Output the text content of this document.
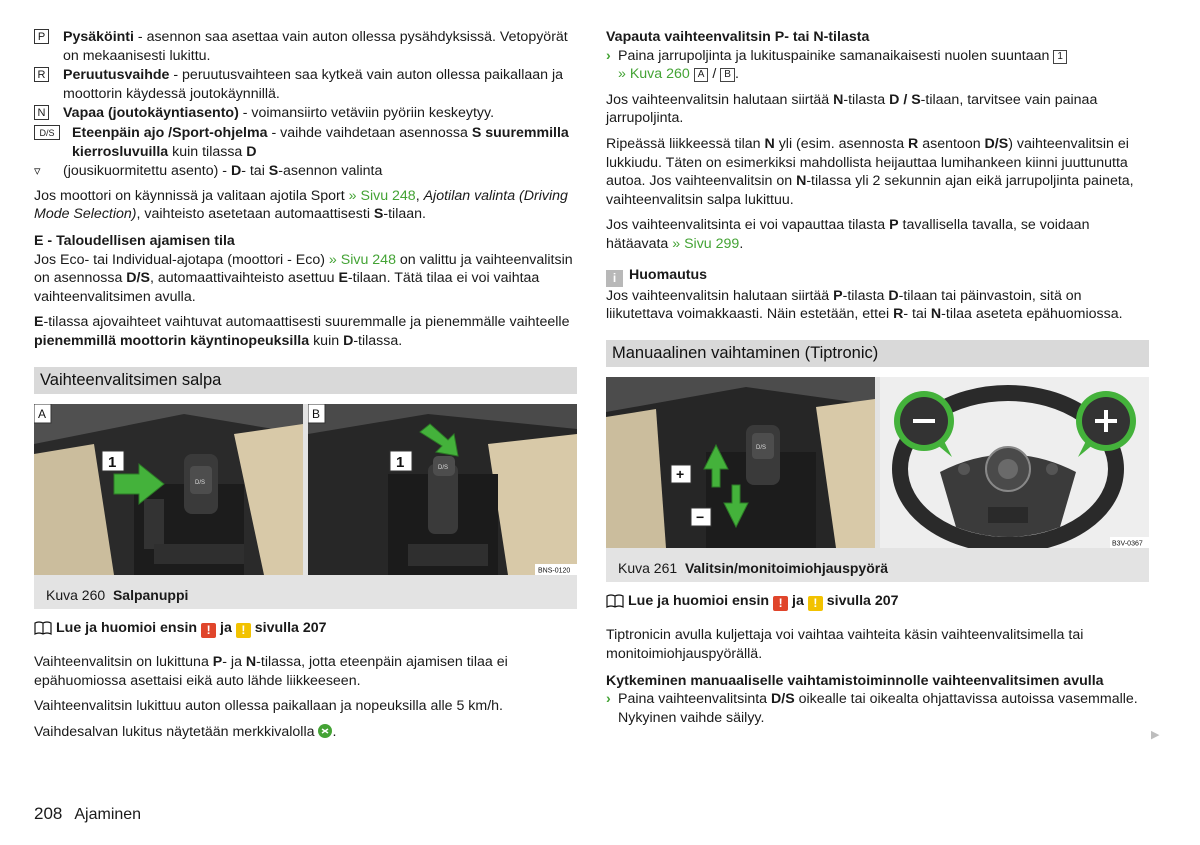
P Pysäköinti - asennon saa asettaa vain auton ollessa pysähdyksissä. Vetopyörät on mekaanisesti lukittu.
R Peruutusvaihde - peruutusvaihteen saa kytkeä vain auton ollessa paikallaan ja moottorin käydessä joutokäynnillä.
N Vapaa (joutokäyntiasento) - voimansiirto vetäviin pyöriin keskeytyy.
D/S	Eteenpäin ajo /Sport-ohjelma - vaihde vaihdetaan asennossa S suuremmilla kierrosluvuilla kuin tilassa D
▿ (jousikuormitettu asento) - D- tai S-asennon valinta

Jos moottori on käynnissä ja valitaan ajotila Sport » Sivu 248, Ajotilan valinta (Driving Mode Selection), vaihteisto asetetaan automaattisesti S-tilaan.

E - Taloudellisen ajamisen tila

Jos Eco- tai Individual-ajotapa (moottori - Eco) » Sivu 248 on valittu ja vaihteenvalitsin on asennossa D/S, automaattivaihteisto asettuu E-tilaan. Tätä tilaa ei voi vaihtaa vaihteenvalitsimen avulla.

E-tilassa ajovaihteet vaihtuvat automaattisesti suuremmalle ja pienemmälle vaihteelle pienemmillä moottorin käyntinopeuksilla kuin D-tilassa.

Vaihteenvalitsimen salpa
D/S
1
A
D/S
1
B
BNS-0120
Kuva 260 Salpanuppi

Lue ja huomioi ensin ! ja ! sivulla 207

Vaihteenvalitsin on lukittuna P- ja N-tilassa, jotta eteenpäin ajamisen tilaa ei epähuomiossa asettaisi eikä auto lähde liikkeeseen.

Vaihteenvalitsin lukittuu auton ollessa paikallaan ja nopeuksilla alle 5 km/h.

Vaihdesalvan lukitus näytetään merkkivalolla .

Vapauta vaihteenvalitsin P- tai N-tilasta

› Paina jarrupoljinta ja lukituspainike samanaikaisesti nuolen suuntaan 1
» Kuva 260 A / B .

Jos vaihteenvalitsin halutaan siirtää N-tilasta D / S-tilaan, tarvitsee vain painaa jarrupoljinta.

Ripeässä liikkeessä tilan N yli (esim. asennosta R asentoon D/S) vaihteenvalitsin ei lukkiudu. Täten on esimerkiksi mahdollista heijauttaa lumihankeen kiinni juuttunutta autoa. Jos vaihteenvalitsin on N-tilassa yli 2 sekunnin ajan eikä jarrupoljinta paineta, vaihteenvalitsin salpa lukittuu.

Jos vaihteenvalitsinta ei voi vapauttaa tilasta P tavallisella tavalla, se voidaan hätäavata » Sivu 299.

i Huomautus

Jos vaihteenvalitsin halutaan siirtää P-tilasta D-tilaan tai päinvastoin, sitä on liikutettava voimakkaasti. Näin estetään, ettei R- tai N-tilaa aseteta epähuomiossa.

Manuaalinen vaihtaminen (Tiptronic)
D/S
+
−
B3V-0367
Kuva 261 Valitsin/monitoimiohjauspyörä

Lue ja huomioi ensin ! ja ! sivulla 207

Tiptronicin avulla kuljettaja voi vaihtaa vaihteita käsin vaihteenvalitsimella tai monitoimiohjauspyörällä.

Kytkeminen manuaaliselle vaihtamistoiminnolle vaihteenvalitsimen avulla

› Paina vaihteenvalitsinta D/S oikealle tai oikealta ohjattavissa autoissa vasemmalle. Nykyinen vaihde säilyy.

▶
208 Ajaminen
